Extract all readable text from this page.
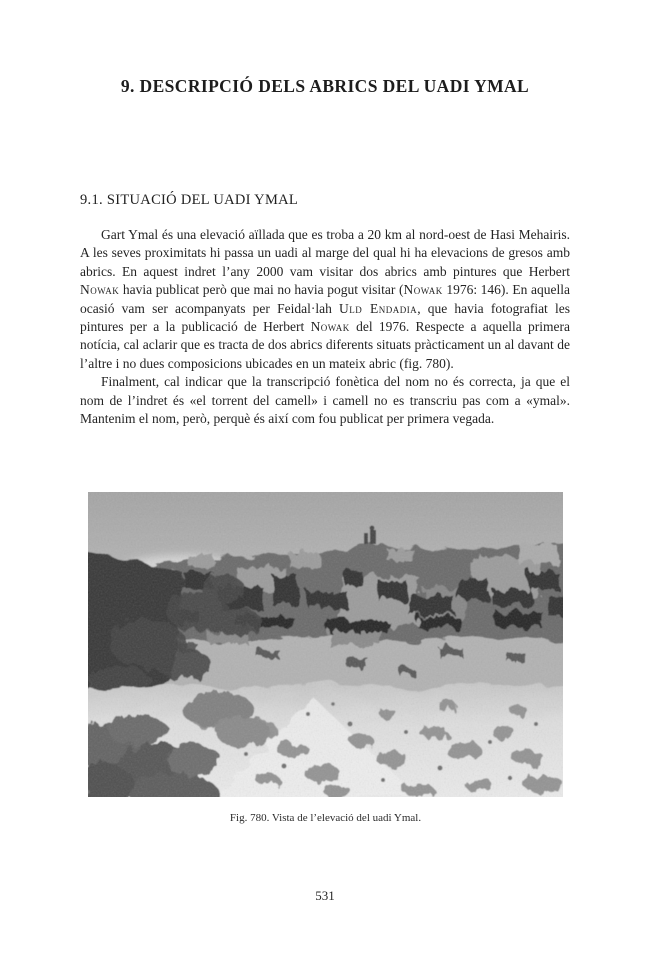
9. DESCRIPCIÓ DELS ABRICS DEL UADI YMAL
9.1. SITUACIÓ DEL UADI YMAL

Gart Ymal és una elevació aïllada que es troba a 20 km al nord-oest de Hasi Mehairis. A les seves proximitats hi passa un uadi al marge del qual hi ha elevacions de gresos amb abrics. En aquest indret l’any 2000 vam visitar dos abrics amb pintures que Herbert Nowak havia publicat però que mai no havia pogut visitar (Nowak 1976: 146). En aquella ocasió vam ser acompanyats per Feidal·lah Uld Endadia, que havia fotografiat les pintures per a la publicació de Herbert Nowak del 1976. Respecte a aquella primera notícia, cal aclarir que es tracta de dos abrics diferents situats pràcticament un al davant de l’altre i no dues composicions ubicades en un mateix abric (fig. 780).

Finalment, cal indicar que la transcripció fonètica del nom no és correcta, ja que el nom de l’indret és «el torrent del camell» i camell no es transcriu pas com a «ymal». Mantenim el nom, però, perquè és així com fou publicat per primera vegada.

Fig. 780. Vista de l’elevació del uadi Ymal.
531
